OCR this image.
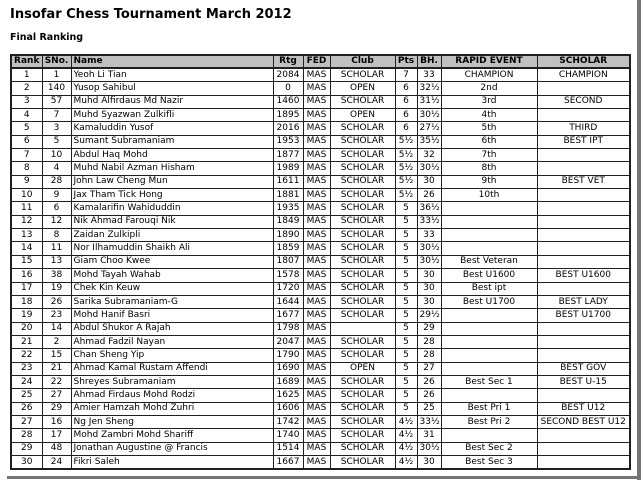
Insofar Chess Tournament March 2012
Final Ranking
Rank	SNo.	Name	Rtg	FED	Club	Pts	BH.	RAPID EVENT	SCHOLAR
1	1	Yeoh Li Tian	2084	MAS	SCHOLAR	7	33	CHAMPION	CHAMPION
2	140	Yusop Sahibul	0	MAS	OPEN	6	32½	2nd	
3	57	Muhd Alfirdaus Md Nazir	1460	MAS	SCHOLAR	6	31½	3rd	SECOND
4	7	Muhd Syazwan Zulkifli	1895	MAS	OPEN	6	30½	4th	
5	3	Kamaluddin Yusof	2016	MAS	SCHOLAR	6	27½	5th	THIRD
6	5	Sumant Subramaniam	1953	MAS	SCHOLAR	5½	35½	6th	BEST IPT
7	10	Abdul Haq Mohd	1877	MAS	SCHOLAR	5½	32	7th	
8	4	Muhd Nabil Azman Hisham	1989	MAS	SCHOLAR	5½	30½	8th	
9	28	John Law Cheng Mun	1611	MAS	SCHOLAR	5½	30	9th	BEST VET
10	9	Jax Tham Tick Hong	1881	MAS	SCHOLAR	5½	26	10th	
11	6	Kamalarifin Wahiduddin	1935	MAS	SCHOLAR	5	36½		
12	12	Nik Ahmad Farouqi Nik	1849	MAS	SCHOLAR	5	33½		
13	8	Zaidan Zulkipli	1890	MAS	SCHOLAR	5	33		
14	11	Nor Ilhamuddin Shaikh Ali	1859	MAS	SCHOLAR	5	30½		
15	13	Giam Choo Kwee	1807	MAS	SCHOLAR	5	30½	Best Veteran	
16	38	Mohd Tayah Wahab	1578	MAS	SCHOLAR	5	30	Best U1600	BEST U1600
17	19	Chek Kin Keuw	1720	MAS	SCHOLAR	5	30	Best ipt	
18	26	Sarika Subramaniam-G	1644	MAS	SCHOLAR	5	30	Best U1700	BEST LADY
19	23	Mohd Hanif Basri	1677	MAS	SCHOLAR	5	29½		BEST U1700
20	14	Abdul Shukor A Rajah	1798	MAS		5	29		
21	2	Ahmad Fadzil Nayan	2047	MAS	SCHOLAR	5	28		
22	15	Chan Sheng Yip	1790	MAS	SCHOLAR	5	28		
23	21	Ahmad Kamal Rustam Affendi	1690	MAS	OPEN	5	27		BEST GOV
24	22	Shreyes Subramaniam	1689	MAS	SCHOLAR	5	26	Best Sec 1	BEST U-15
25	27	Ahmad Firdaus Mohd Rodzi	1625	MAS	SCHOLAR	5	26		
26	29	Amier Hamzah Mohd Zuhri	1606	MAS	SCHOLAR	5	25	Best Pri 1	BEST U12
27	16	Ng Jen Sheng	1742	MAS	SCHOLAR	4½	33½	Best Pri 2	SECOND BEST U12
28	17	Mohd Zambri Mohd Shariff	1740	MAS	SCHOLAR	4½	31		
29	48	Jonathan Augustine @ Francis	1514	MAS	SCHOLAR	4½	30½	Best Sec 2	
30	24	Fikri Saleh	1667	MAS	SCHOLAR	4½	30	Best Sec 3	
